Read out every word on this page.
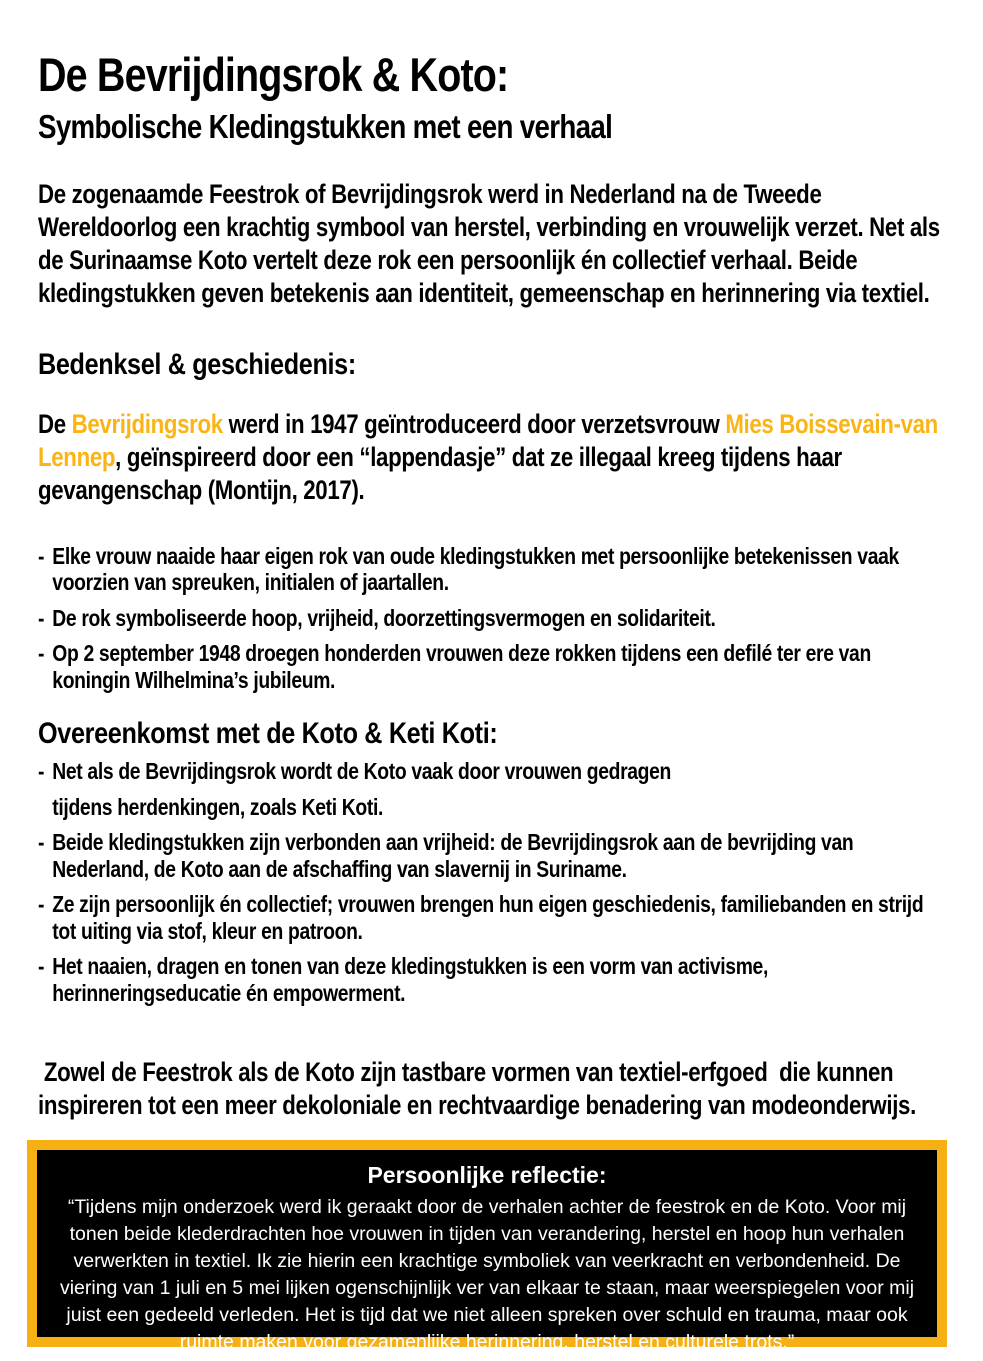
De Bevrijdingsrok & Koto:
Symbolische Kledingstukken met een verhaal

De zogenaamde Feestrok of Bevrijdingsrok werd in Nederland na de Tweede Wereldoorlog een krachtig symbool van herstel, verbinding en vrouwelijk verzet. Net als de Surinaamse Koto vertelt deze rok een persoonlijk én collectief verhaal. Beide kledingstukken geven betekenis aan identiteit, gemeenschap en herinnering via textiel.

Bedenksel & geschiedenis:

De Bevrijdingsrok werd in 1947 geïntroduceerd door verzetsvrouw Mies Boissevain-van Lennep, geïnspireerd door een “lappendasje” dat ze illegaal kreeg tijdens haar gevangenschap (Montijn, 2017).

- Elke vrouw naaide haar eigen rok van oude kledingstukken met persoonlijke betekenissen vaak voorzien van spreuken, initialen of jaartallen.
- De rok symboliseerde hoop, vrijheid, doorzettingsvermogen en solidariteit.
- Op 2 september 1948 droegen honderden vrouwen deze rokken tijdens een defilé ter ere van koningin Wilhelmina’s jubileum.
Overeenkomst met de Koto & Keti Koti:
- Net als de Bevrijdingsrok wordt de Koto vaak door vrouwen gedragen
tijdens herdenkingen, zoals Keti Koti.
- Beide kledingstukken zijn verbonden aan vrijheid: de Bevrijdingsrok aan de bevrijding van Nederland, de Koto aan de afschaffing van slavernij in Suriname.
- Ze zijn persoonlijk én collectief; vrouwen brengen hun eigen geschiedenis, familiebanden en strijd tot uiting via stof, kleur en patroon.
- Het naaien, dragen en tonen van deze kledingstukken is een vorm van activisme, herinneringseducatie én empowerment.

Zowel de Feestrok als de Koto zijn tastbare vormen van textiel-erfgoed  die kunnen inspireren tot een meer dekoloniale en rechtvaardige benadering van modeonderwijs.

Persoonlijke reflectie:
“Tijdens mijn onderzoek werd ik geraakt door de verhalen achter de feestrok en de Koto. Voor mij tonen beide klederdrachten hoe vrouwen in tijden van verandering, herstel en hoop hun verhalen verwerkten in textiel. Ik zie hierin een krachtige symboliek van veerkracht en verbondenheid. De viering van 1 juli en 5 mei lijken ogenschijnlijk ver van elkaar te staan, maar weerspiegelen voor mij juist een gedeeld verleden. Het is tijd dat we niet alleen spreken over schuld en trauma, maar ook ruimte maken voor gezamenlijke herinnering, herstel en culturele trots.”
